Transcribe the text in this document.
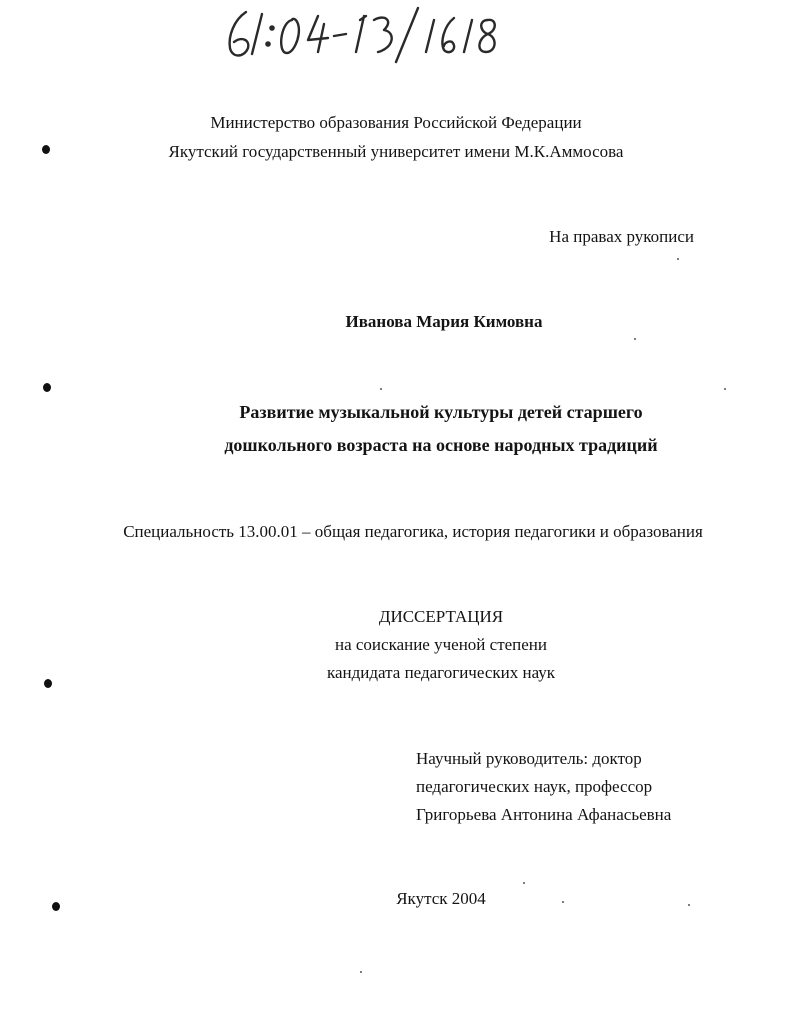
Министерство образования Российской Федерации
Якутский государственный университет имени М.К.Аммосова
На правах рукописи
Иванова Мария Кимовна
Развитие музыкальной культуры детей старшего
дошкольного возраста на основе народных традиций
Специальность 13.00.01 – общая педагогика, история педагогики и образования
ДИССЕРТАЦИЯ
на соискание ученой степени
кандидата педагогических наук
Научный руководитель: доктор
педагогических наук, профессор
Григорьева Антонина Афанасьевна
Якутск 2004
